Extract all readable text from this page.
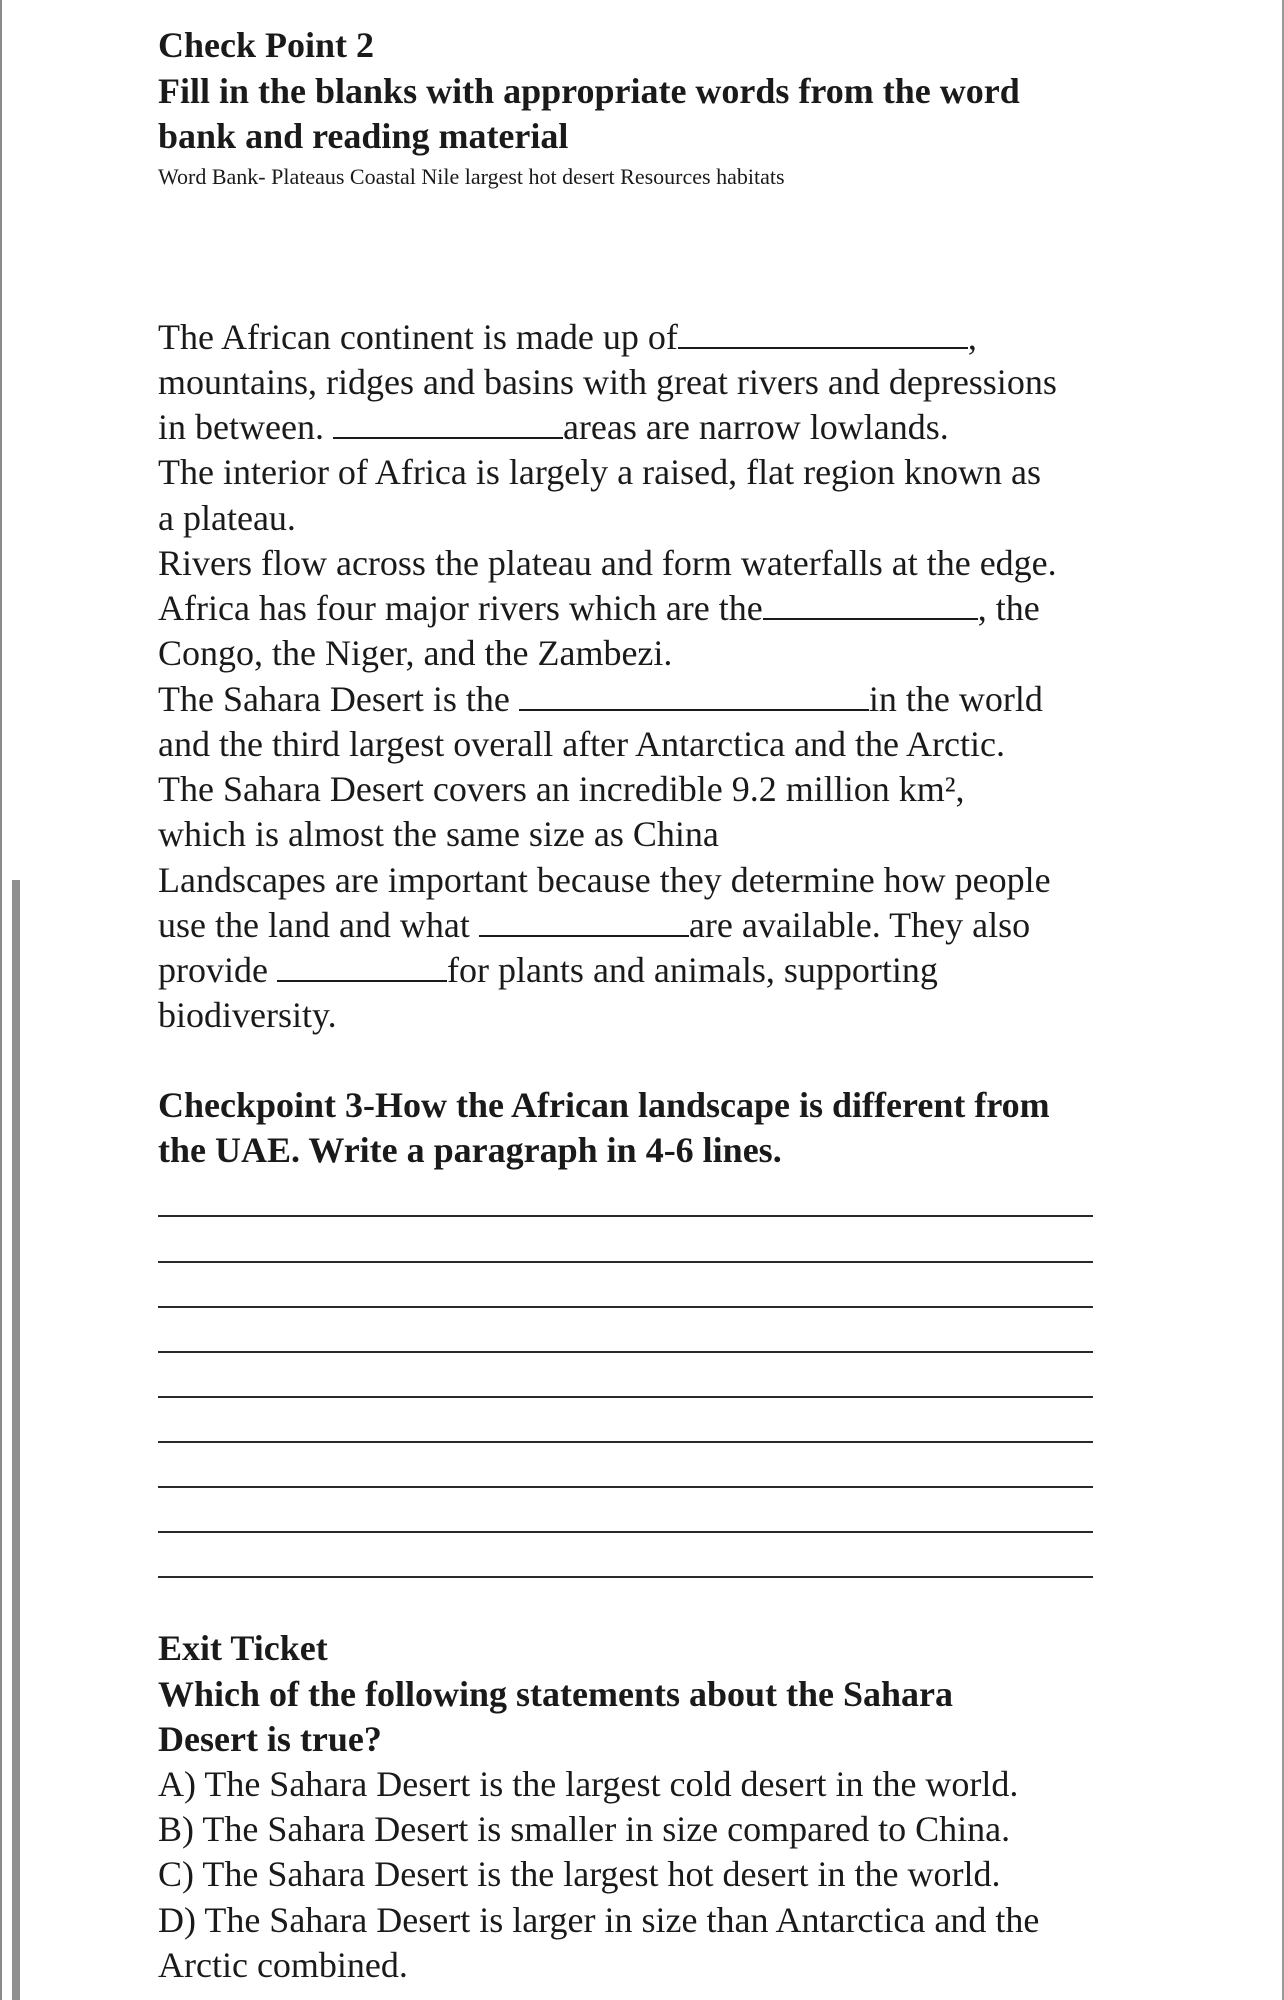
Check Point 2
Fill in the blanks with appropriate words from the word
bank and reading material
Word Bank- Plateaus Coastal Nile largest hot desert Resources habitats
The African continent is made up of	,
mountains, ridges and basins with great rivers and depressions
in between.	areas are narrow lowlands.
The interior of Africa is largely a raised, flat region known as
a plateau.
Rivers flow across the plateau and form waterfalls at the edge.
Africa has four major rivers which are the	, the
Congo, the Niger, and the Zambezi.
The Sahara Desert is the	in the world
and the third largest overall after Antarctica and the Arctic.
The Sahara Desert covers an incredible 9.2 million km²,
which is almost the same size as China
Landscapes are important because they determine how people
use the land and what	are available. They also
provide	for plants and animals, supporting
biodiversity.
Checkpoint 3-How the African landscape is different from
the UAE. Write a paragraph in 4-6 lines.
Exit Ticket
Which of the following statements about the Sahara
Desert is true?
A) The Sahara Desert is the largest cold desert in the world.
B) The Sahara Desert is smaller in size compared to China.
C) The Sahara Desert is the largest hot desert in the world.
D) The Sahara Desert is larger in size than Antarctica and the
Arctic combined.
